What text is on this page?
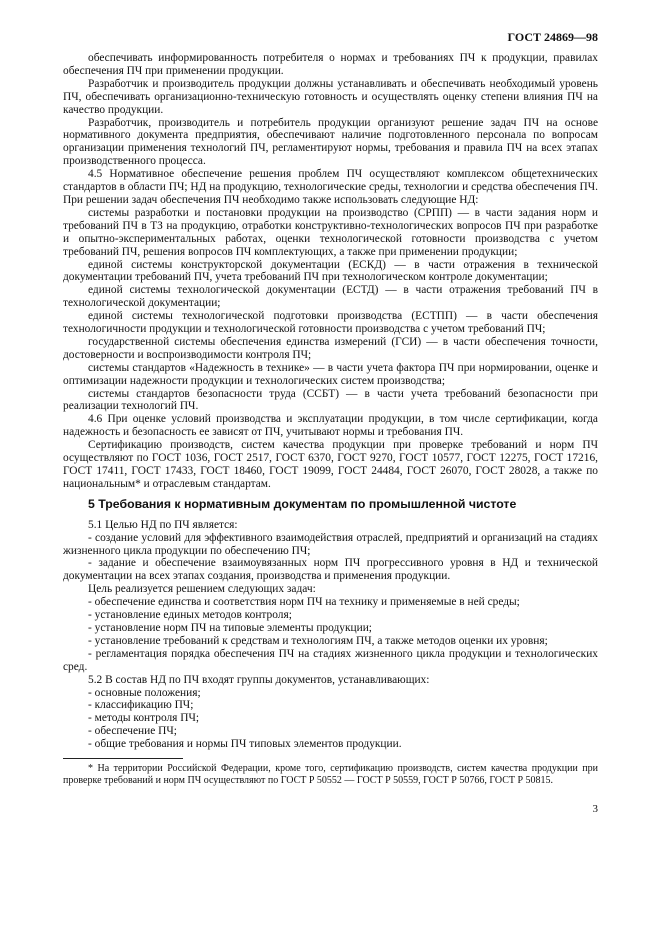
ГОСТ 24869—98

обеспечивать информированность потребителя о нормах и требованиях ПЧ к продукции, правилах обеспечения ПЧ при применении продукции.

Разработчик и производитель продукции должны устанавливать и обеспечивать необходимый уровень ПЧ, обеспечивать организационно-техническую готовность и осуществлять оценку степени влияния ПЧ на качество продукции.

Разработчик, производитель и потребитель продукции организуют решение задач ПЧ на основе нормативного документа предприятия, обеспечивают наличие подготовленного персонала по вопросам организации применения технологий ПЧ, регламентируют нормы, требования и правила ПЧ на всех этапах производственного процесса.

4.5 Нормативное обеспечение решения проблем ПЧ осуществляют комплексом общетехнических стандартов в области ПЧ; НД на продукцию, технологические среды, технологии и средства обеспечения ПЧ. При решении задач обеспечения ПЧ необходимо также использовать следующие НД:

системы разработки и постановки продукции на производство (СРПП) — в части задания норм и требований ПЧ в ТЗ на продукцию, отработки конструктивно-технологических вопросов ПЧ при разработке и опытно-экспериментальных работах, оценки технологической готовности производства с учетом требований ПЧ, решения вопросов ПЧ комплектующих, а также при применении продукции;

единой системы конструкторской документации (ЕСКД) — в части отражения в технической документации требований ПЧ, учета требований ПЧ при технологическом контроле документации;

единой системы технологической документации (ЕСТД) — в части отражения требований ПЧ в технологической документации;

единой системы технологической подготовки производства (ЕСТПП) — в части обеспечения технологичности продукции и технологической готовности производства с учетом требований ПЧ;

государственной системы обеспечения единства измерений (ГСИ) — в части обеспечения точности, достоверности и воспроизводимости контроля ПЧ;

системы стандартов «Надежность в технике» — в части учета фактора ПЧ при нормировании, оценке и оптимизации надежности продукции и технологических систем производства;

системы стандартов безопасности труда (ССБТ) — в части учета требований безопасности при реализации технологий ПЧ.

4.6 При оценке условий производства и эксплуатации продукции, в том числе сертификации, когда надежность и безопасность ее зависят от ПЧ, учитывают нормы и требования ПЧ.

Сертификацию производств, систем качества продукции при проверке требований и норм ПЧ осуществляют по ГОСТ 1036, ГОСТ 2517, ГОСТ 6370, ГОСТ 9270, ГОСТ 10577, ГОСТ 12275, ГОСТ 17216, ГОСТ 17411, ГОСТ 17433, ГОСТ 18460, ГОСТ 19099, ГОСТ 24484, ГОСТ 26070, ГОСТ 28028, а также по национальным* и отраслевым стандартам.

5 Требования к нормативным документам по промышленной чистоте

5.1 Целью НД по ПЧ является:

- создание условий для эффективного взаимодействия отраслей, предприятий и организаций на стадиях жизненного цикла продукции по обеспечению ПЧ;

- задание и обеспечение взаимоувязанных норм ПЧ прогрессивного уровня в НД и технической документации на всех этапах создания, производства и применения продукции.

Цель реализуется решением следующих задач:

- обеспечение единства и соответствия норм ПЧ на технику и применяемые в ней среды;

- установление единых методов контроля;

- установление норм ПЧ на типовые элементы продукции;

- установление требований к средствам и технологиям ПЧ, а также методов оценки их уровня;

- регламентация порядка обеспечения ПЧ на стадиях жизненного цикла продукции и технологических сред.

5.2 В состав НД по ПЧ входят группы документов, устанавливающих:

- основные положения;

- классификацию ПЧ;

- методы контроля ПЧ;

- обеспечение ПЧ;

- общие требования и нормы ПЧ типовых элементов продукции.

* На территории Российской Федерации, кроме того, сертификацию производств, систем качества продукции при проверке требований и норм ПЧ осуществляют по ГОСТ Р 50552 — ГОСТ Р 50559, ГОСТ Р 50766, ГОСТ Р 50815.
3
